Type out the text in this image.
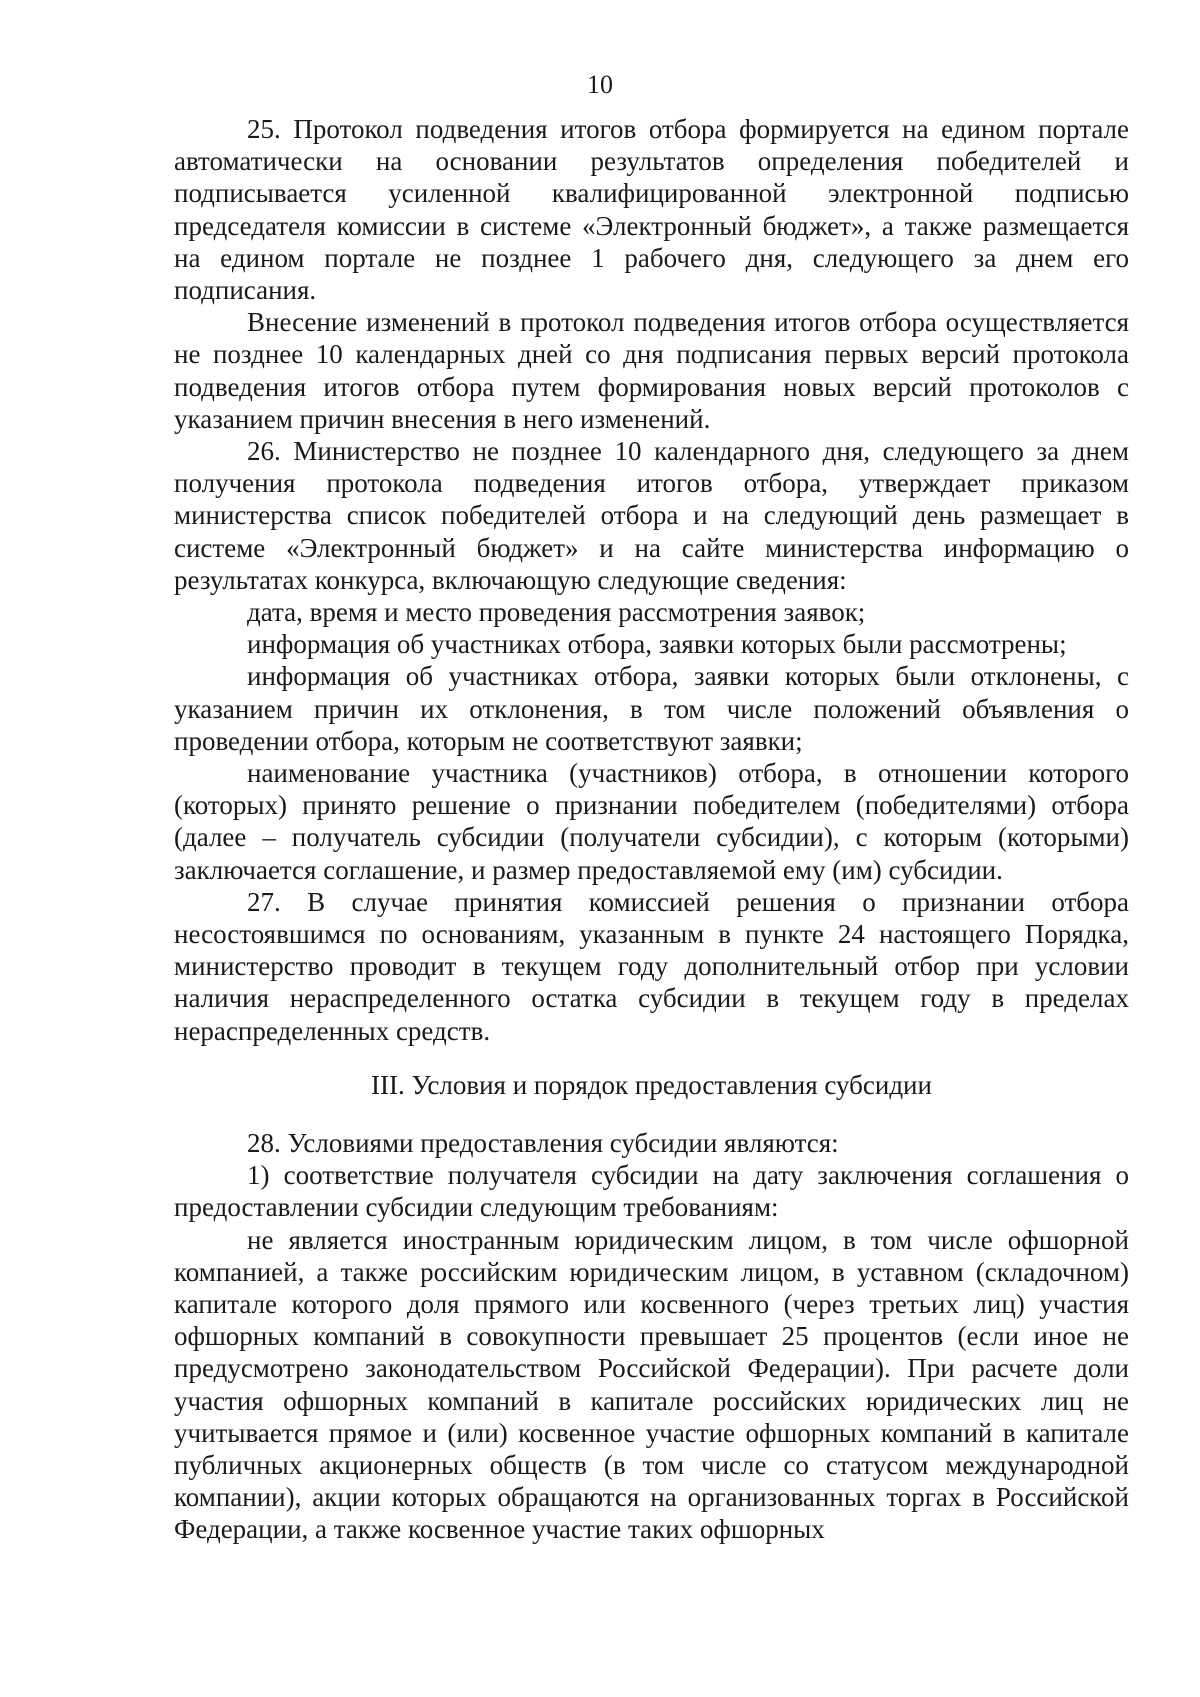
10

25. Протокол подведения итогов отбора формируется на едином портале автоматически на основании результатов определения победителей и подписывается усиленной квалифицированной электронной подписью председателя комиссии в системе «Электронный бюджет», а также размещается на едином портале не позднее 1 рабочего дня, следующего за днем его подписания.

Внесение изменений в протокол подведения итогов отбора осуществляется не позднее 10 календарных дней со дня подписания первых версий протокола подведения итогов отбора путем формирования новых версий протоколов с указанием причин внесения в него изменений.

26. Министерство не позднее 10 календарного дня, следующего за днем получения протокола подведения итогов отбора, утверждает приказом министерства список победителей отбора и на следующий день размещает в системе «Электронный бюджет» и на сайте министерства информацию о результатах конкурса, включающую следующие сведения:

дата, время и место проведения рассмотрения заявок;

информация об участниках отбора, заявки которых были рассмотрены;

информация об участниках отбора, заявки которых были отклонены, с указанием причин их отклонения, в том числе положений объявления о проведении отбора, которым не соответствуют заявки;

наименование участника (участников) отбора, в отношении которого (которых) принято решение о признании победителем (победителями) отбора (далее – получатель субсидии (получатели субсидии), с которым (которыми) заключается соглашение, и размер предоставляемой ему (им) субсидии.

27. В случае принятия комиссией решения о признании отбора несостоявшимся по основаниям, указанным в пункте 24 настоящего Порядка, министерство проводит в текущем году дополнительный отбор при условии наличия нераспределенного остатка субсидии в текущем году в пределах нераспределенных средств.

III. Условия и порядок предоставления субсидии

28. Условиями предоставления субсидии являются:

1) соответствие получателя субсидии на дату заключения соглашения о предоставлении субсидии следующим требованиям:

не является иностранным юридическим лицом, в том числе офшорной компанией, а также российским юридическим лицом, в уставном (складочном) капитале которого доля прямого или косвенного (через третьих лиц) участия офшорных компаний в совокупности превышает 25 процентов (если иное не предусмотрено законодательством Российской Федерации). При расчете доли участия офшорных компаний в капитале российских юридических лиц не учитывается прямое и (или) косвенное участие офшорных компаний в капитале публичных акционерных обществ (в том числе со статусом международной компании), акции которых обращаются на организованных торгах в Российской Федерации, а также косвенное участие таких офшорных
